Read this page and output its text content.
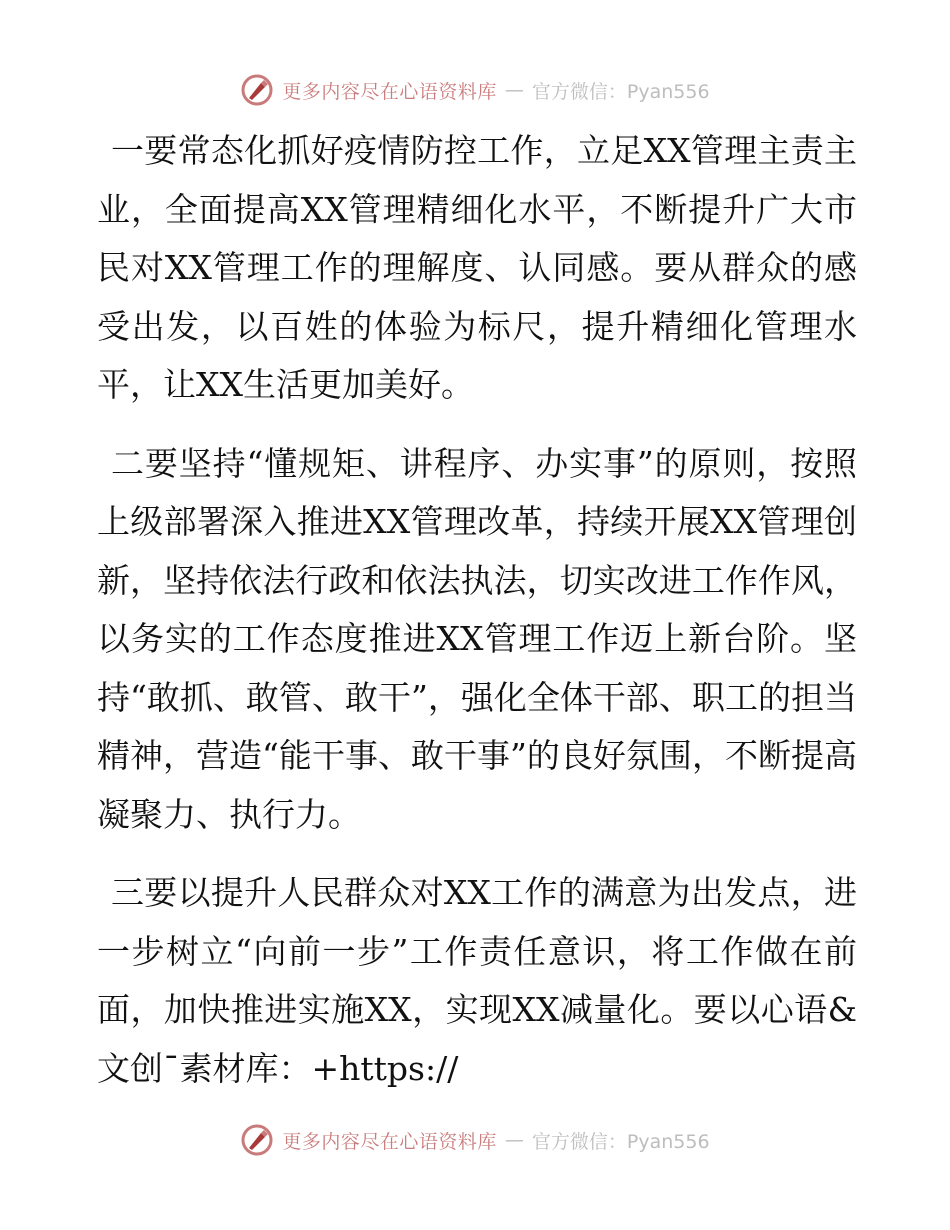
更多内容尽在心语资料库 — 官方微信：Pyan556

一要常态化抓好疫情防控工作，立足XX管理主责主业，全面提高XX管理精细化水平，不断提升广大市民对XX管理工作的理解度、认同感。要从群众的感受出发，以百姓的体验为标尺，提升精细化管理水平，让XX生活更加美好。

二要坚持“懂规矩、讲程序、办实事”的原则，按照上级部署深入推进XX管理改革，持续开展XX管理创新，坚持依法行政和依法执法，切实改进工作作风，以务实的工作态度推进XX管理工作迈上新台阶。坚持“敢抓、敢管、敢干”，强化全体干部、职工的担当精神，营造“能干事、敢干事”的良好氛围，不断提高凝聚力、执行力。

三要以提升人民群众对XX工作的满意为出发点，进一步树立“向前一步”工作责任意识，将工作做在前面，加快推进实施XX，实现XX减量化。要以心语&文创¯素材库：+https://

更多内容尽在心语资料库 — 官方微信：Pyan556
